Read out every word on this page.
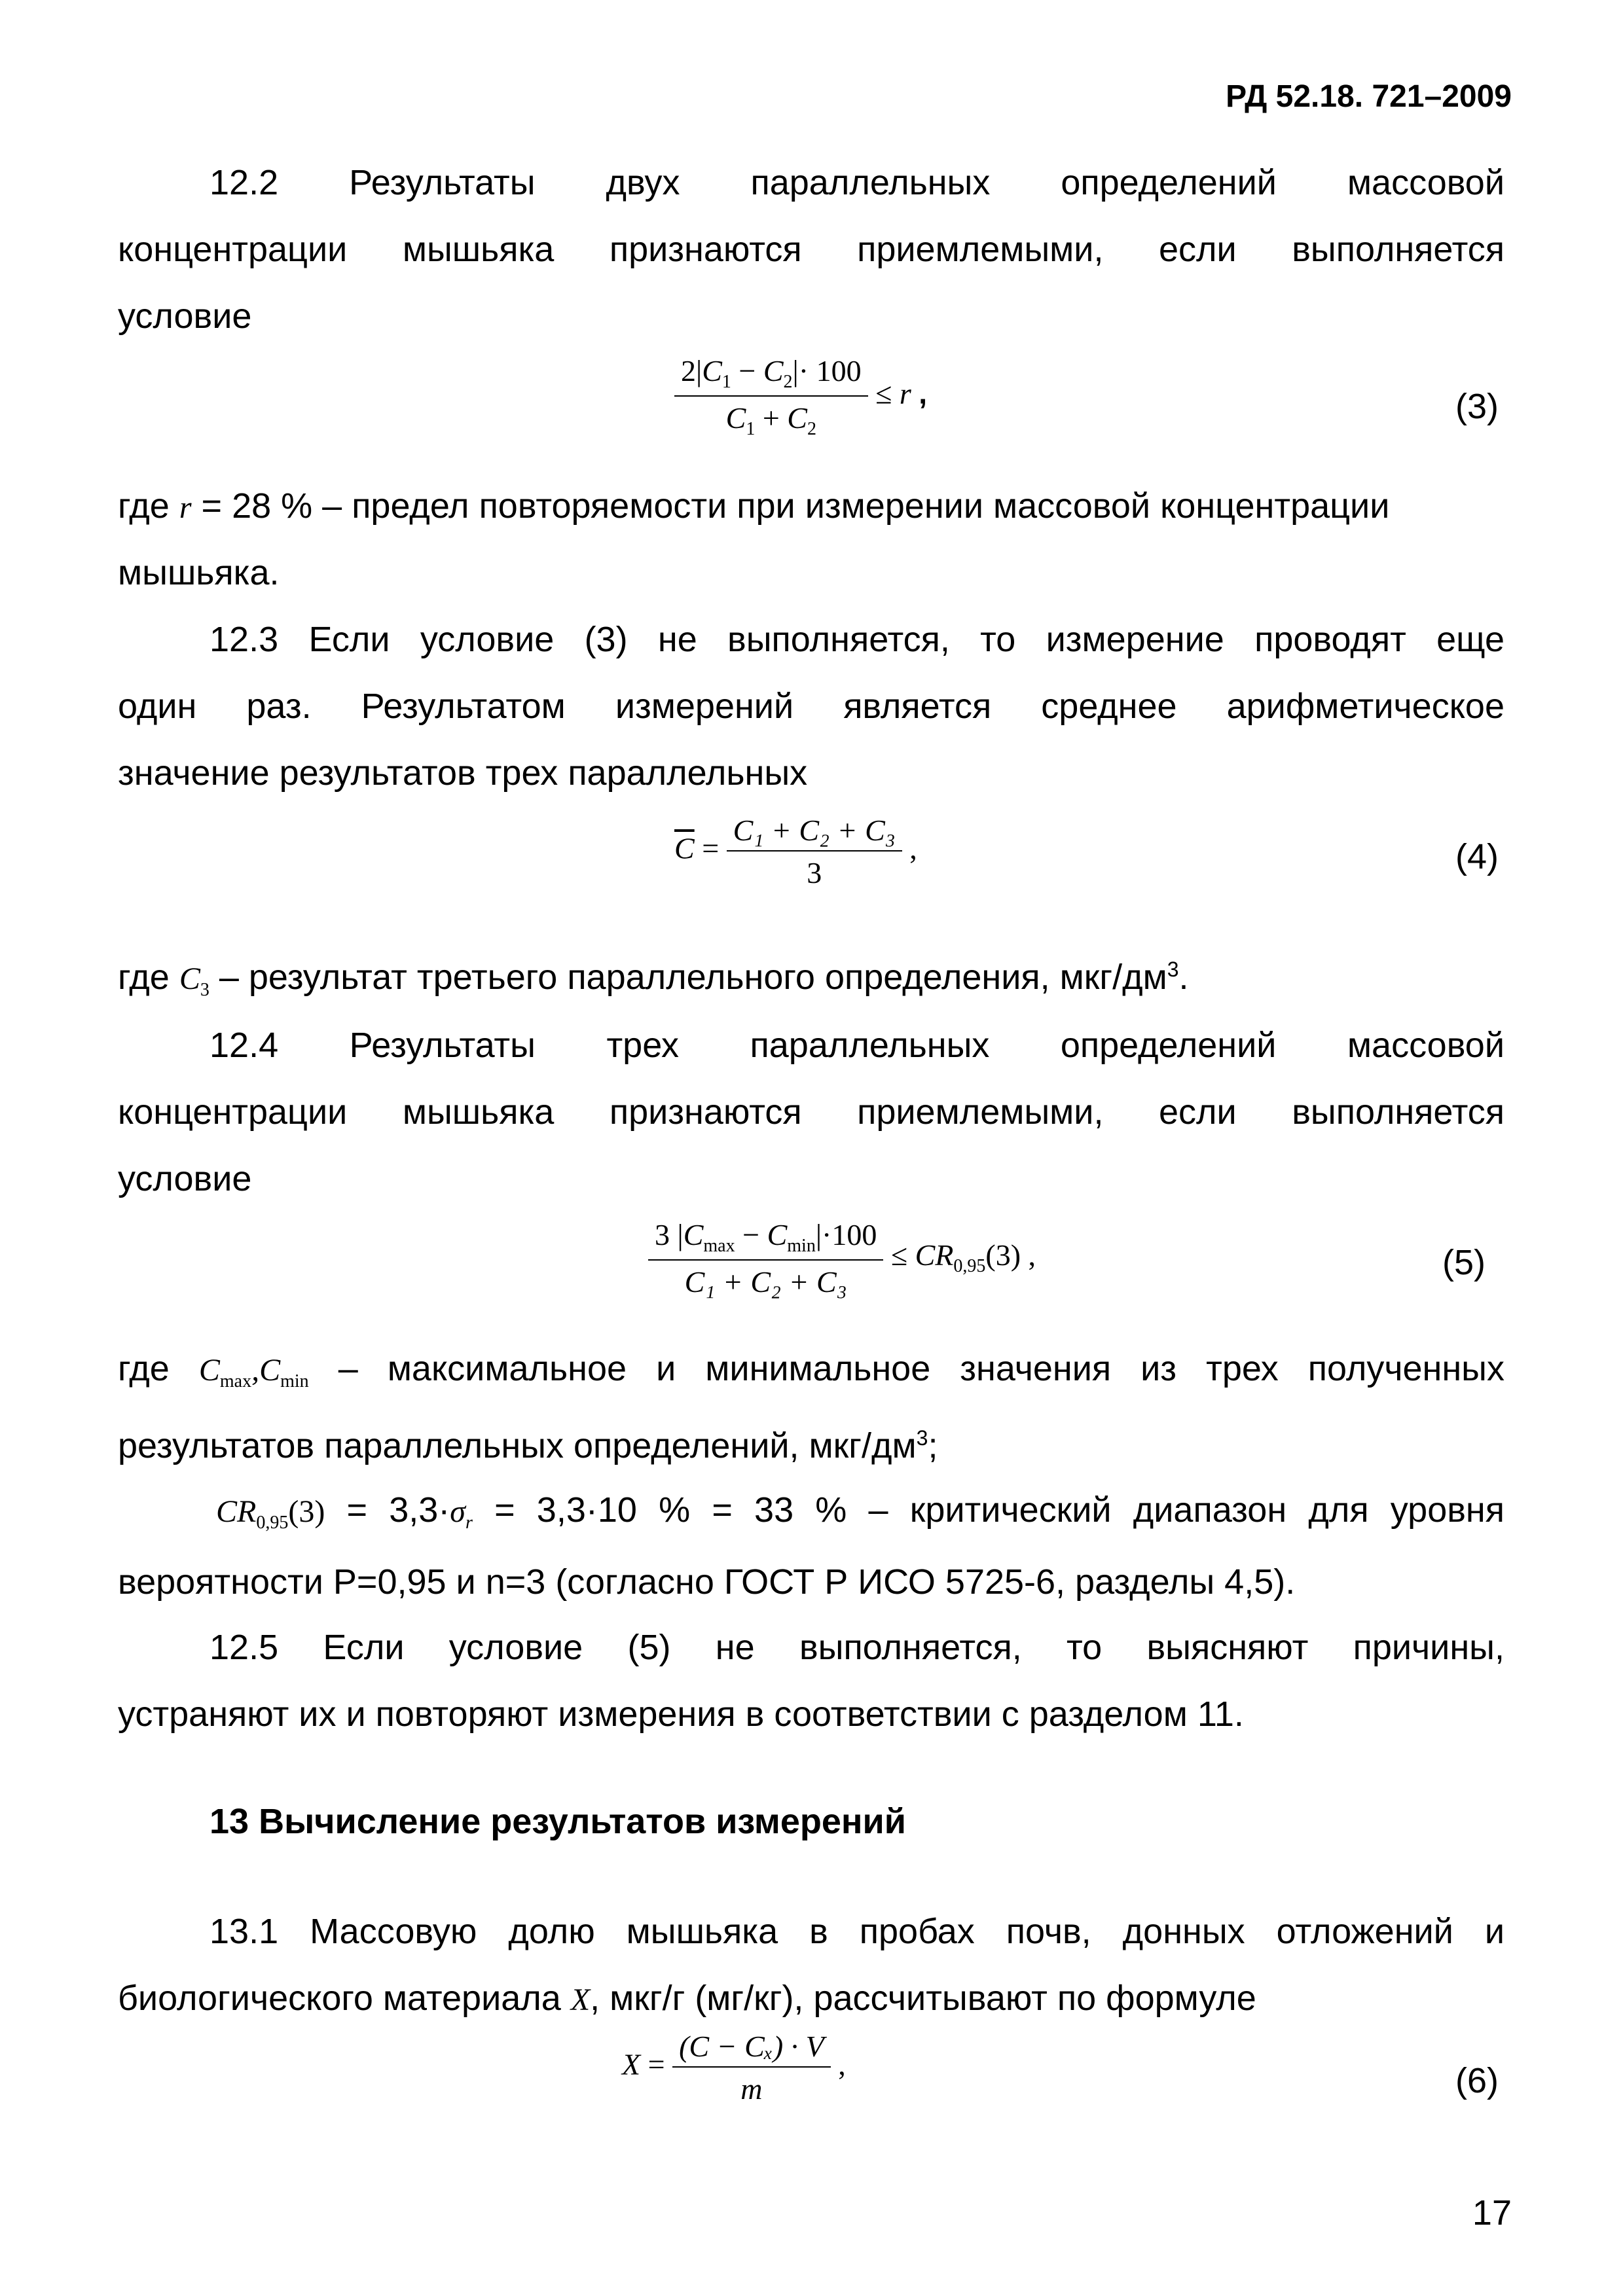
РД 52.18. 721–2009
12.2 Результаты двух параллельных определений массовой
концентрации мышьяка признаются приемлемыми, если выполняется
условие
$\frac{2|C_1 - C_2|\cdot 100}{C_1 + C_2} \le r$ ,	(3)
где r = 28 % – предел повторяемости при измерении массовой концентрации
мышьяка.
12.3 Если условие (3) не выполняется, то измерение проводят еще
один раз. Результатом измерений является среднее арифметическое
значение результатов трех параллельных
$\overline{C} = \frac{\text{C₁ + C₂ + C₃}}{3}$ ,	(4)
где C3 – результат третьего параллельного определения, мкг/$дм^3$.
12.4 Результаты трех параллельных определений массовой
концентрации мышьяка признаются приемлемыми, если выполняется
условие
$\frac{3 |C_{max} - C_{min}|\cdot 100}{\text{C₁ + C₂ + C₃}} \le CR_{0,95}(3)$ ,	(5)
где Cmax,Cmin – максимальное и минимальное значения из трех полученных
результатов параллельных определений, мкг/$дм^3$;
CR0,95(3) = 3,3·σr = 3,3·10 % = 33 % – критический диапазон для уровня
вероятности Р=0,95 и n=3 (согласно ГОСТ Р ИСО 5725-6, разделы 4,5).
12.5 Если условие (5) не выполняется, то выясняют причины,
устраняют их и повторяют измерения в соответствии с разделом 11.
13 Вычисление результатов измерений
13.1 Массовую долю мышьяка в пробах почв, донных отложений и
биологического материала X, мкг/г (мг/кг), рассчитывают по формуле
$X = \frac{\text{(C − Cₓ) · V}}{m}$ ,	(6)
17
